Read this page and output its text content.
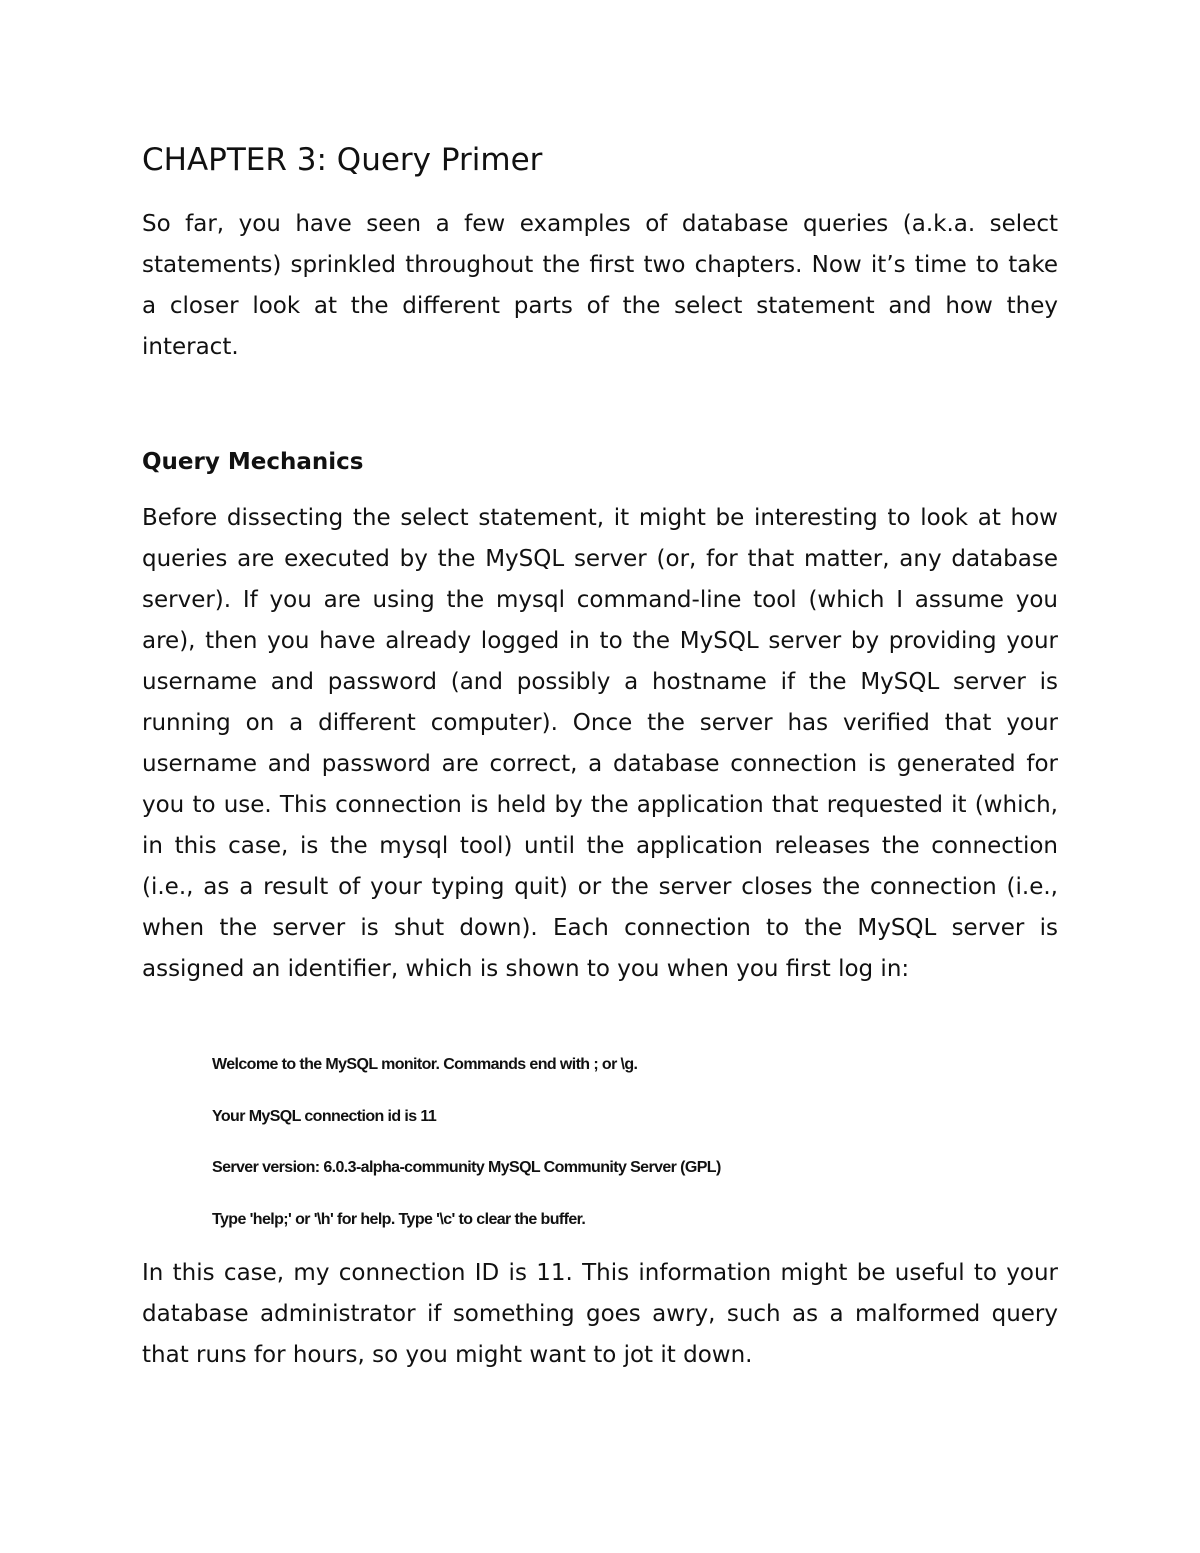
CHAPTER 3: Query Primer

So far, you have seen a few examples of database queries (a.k.a. select statements) sprinkled throughout the first two chapters. Now it’s time to take a closer look at the different parts of the select statement and how they interact.

Query Mechanics

Before dissecting the select statement, it might be interesting to look at how queries are executed by the MySQL server (or, for that matter, any database server). If you are using the mysql command-line tool (which I assume you are), then you have already logged in to the MySQL server by providing your username and password (and possibly a hostname if the MySQL server is running on a different computer). Once the server has verified that your username and password are correct, a database connection is generated for you to use. This connection is held by the application that requested it (which, in this case, is the mysql tool) until the application releases the connection (i.e., as a result of your typing quit) or the server closes the connection (i.e., when the server is shut down). Each connection to the MySQL server is assigned an identifier, which is shown to you when you first log in:

Welcome to the MySQL monitor. Commands end with ; or \g.

Your MySQL connection id is 11

Server version: 6.0.3-alpha-community MySQL Community Server (GPL)

Type 'help;' or '\h' for help. Type '\c' to clear the buffer.

In this case, my connection ID is 11. This information might be useful to your database administrator if something goes awry, such as a malformed query that runs for hours, so you might want to jot it down.
